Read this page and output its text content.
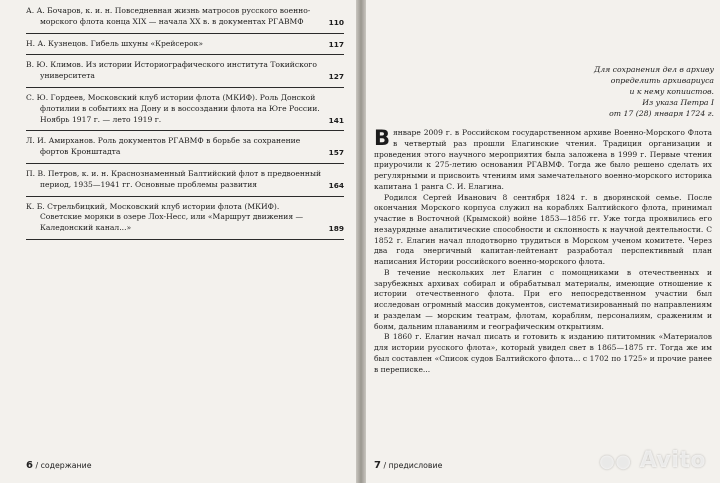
А. А. Бочаров, к. и. н. Повседневная жизнь матросов русского военно-морского флота конца XIX — начала XX в. в документах РГАВМФ	110
Н. А. Кузнецов. Гибель шхуны «Крейсерок»	117
В. Ю. Климов. Из истории Историографического института Токийского университета	127
С. Ю. Гордеев, Московский клуб истории флота (МКИФ). Роль Донской флотилии в событиях на Дону и в воссоздании флота на Юге России. Ноябрь 1917 г. — лето 1919 г.	141
Л. И. Амирханов. Роль документов РГАВМФ в борьбе за сохранение фортов Кронштадта	157
П. В. Петров, к. и. н. Краснознаменный Балтийский флот в предвоенный период, 1935—1941 гг. Основные проблемы развития	164
К. Б. Стрельбицкий, Московский клуб истории флота (МКИФ). Советские моряки в озере Лох-Несс, или «Маршрут движения — Каледонский канал...»	189
6 / содержание
Для сохранения дел в архиву
определить архивариуса
и к нему копиистов.
Из указа Петра I
от 17 (28) января 1724 г.

В январе 2009 г. в Российском государственном архиве Военно-Морского Флота в четвертый раз прошли Елагинские чтения. Традиция организации и проведения этого научного мероприятия была заложена в 1999 г. Первые чтения приурочили к 275-летию основания РГАВМФ. Тогда же было решено сделать их регулярными и присвоить чтениям имя замечательного военно-морского историка капитана 1 ранга С. И. Елагина.

Родился Сергей Иванович 8 сентября 1824 г. в дворянской семье. После окончания Морского корпуса служил на кораблях Балтийского флота, принимал участие в Восточной (Крымской) войне 1853—1856 гг. Уже тогда проявились его незаурядные аналитические способности и склонность к научной деятельности. С 1852 г. Елагин начал плодотворно трудиться в Морском ученом комитете. Через два года энергичный капитан-лейтенант разработал перспективный план написания Истории российского военно-морского флота.

В течение нескольких лет Елагин с помощниками в отечественных и зарубежных архивах собирал и обрабатывал материалы, имеющие отношение к истории отечественного флота. При его непосредственном участии был исследован огромный массив документов, систематизированный по направлениям и разделам — морским театрам, флотам, кораблям, персоналиям, сражениям и боям, дальним плаваниям и географическим открытиям.

В 1860 г. Елагин начал писать и готовить к изданию пятитомник «Материалов для истории русского флота», который увидел свет в 1865—1875 гг. Тогда же им был составлен «Список судов Балтийского флота... с 1702 по 1725» и прочие ранее в переписке...

7 / предисловие	●● Avito
